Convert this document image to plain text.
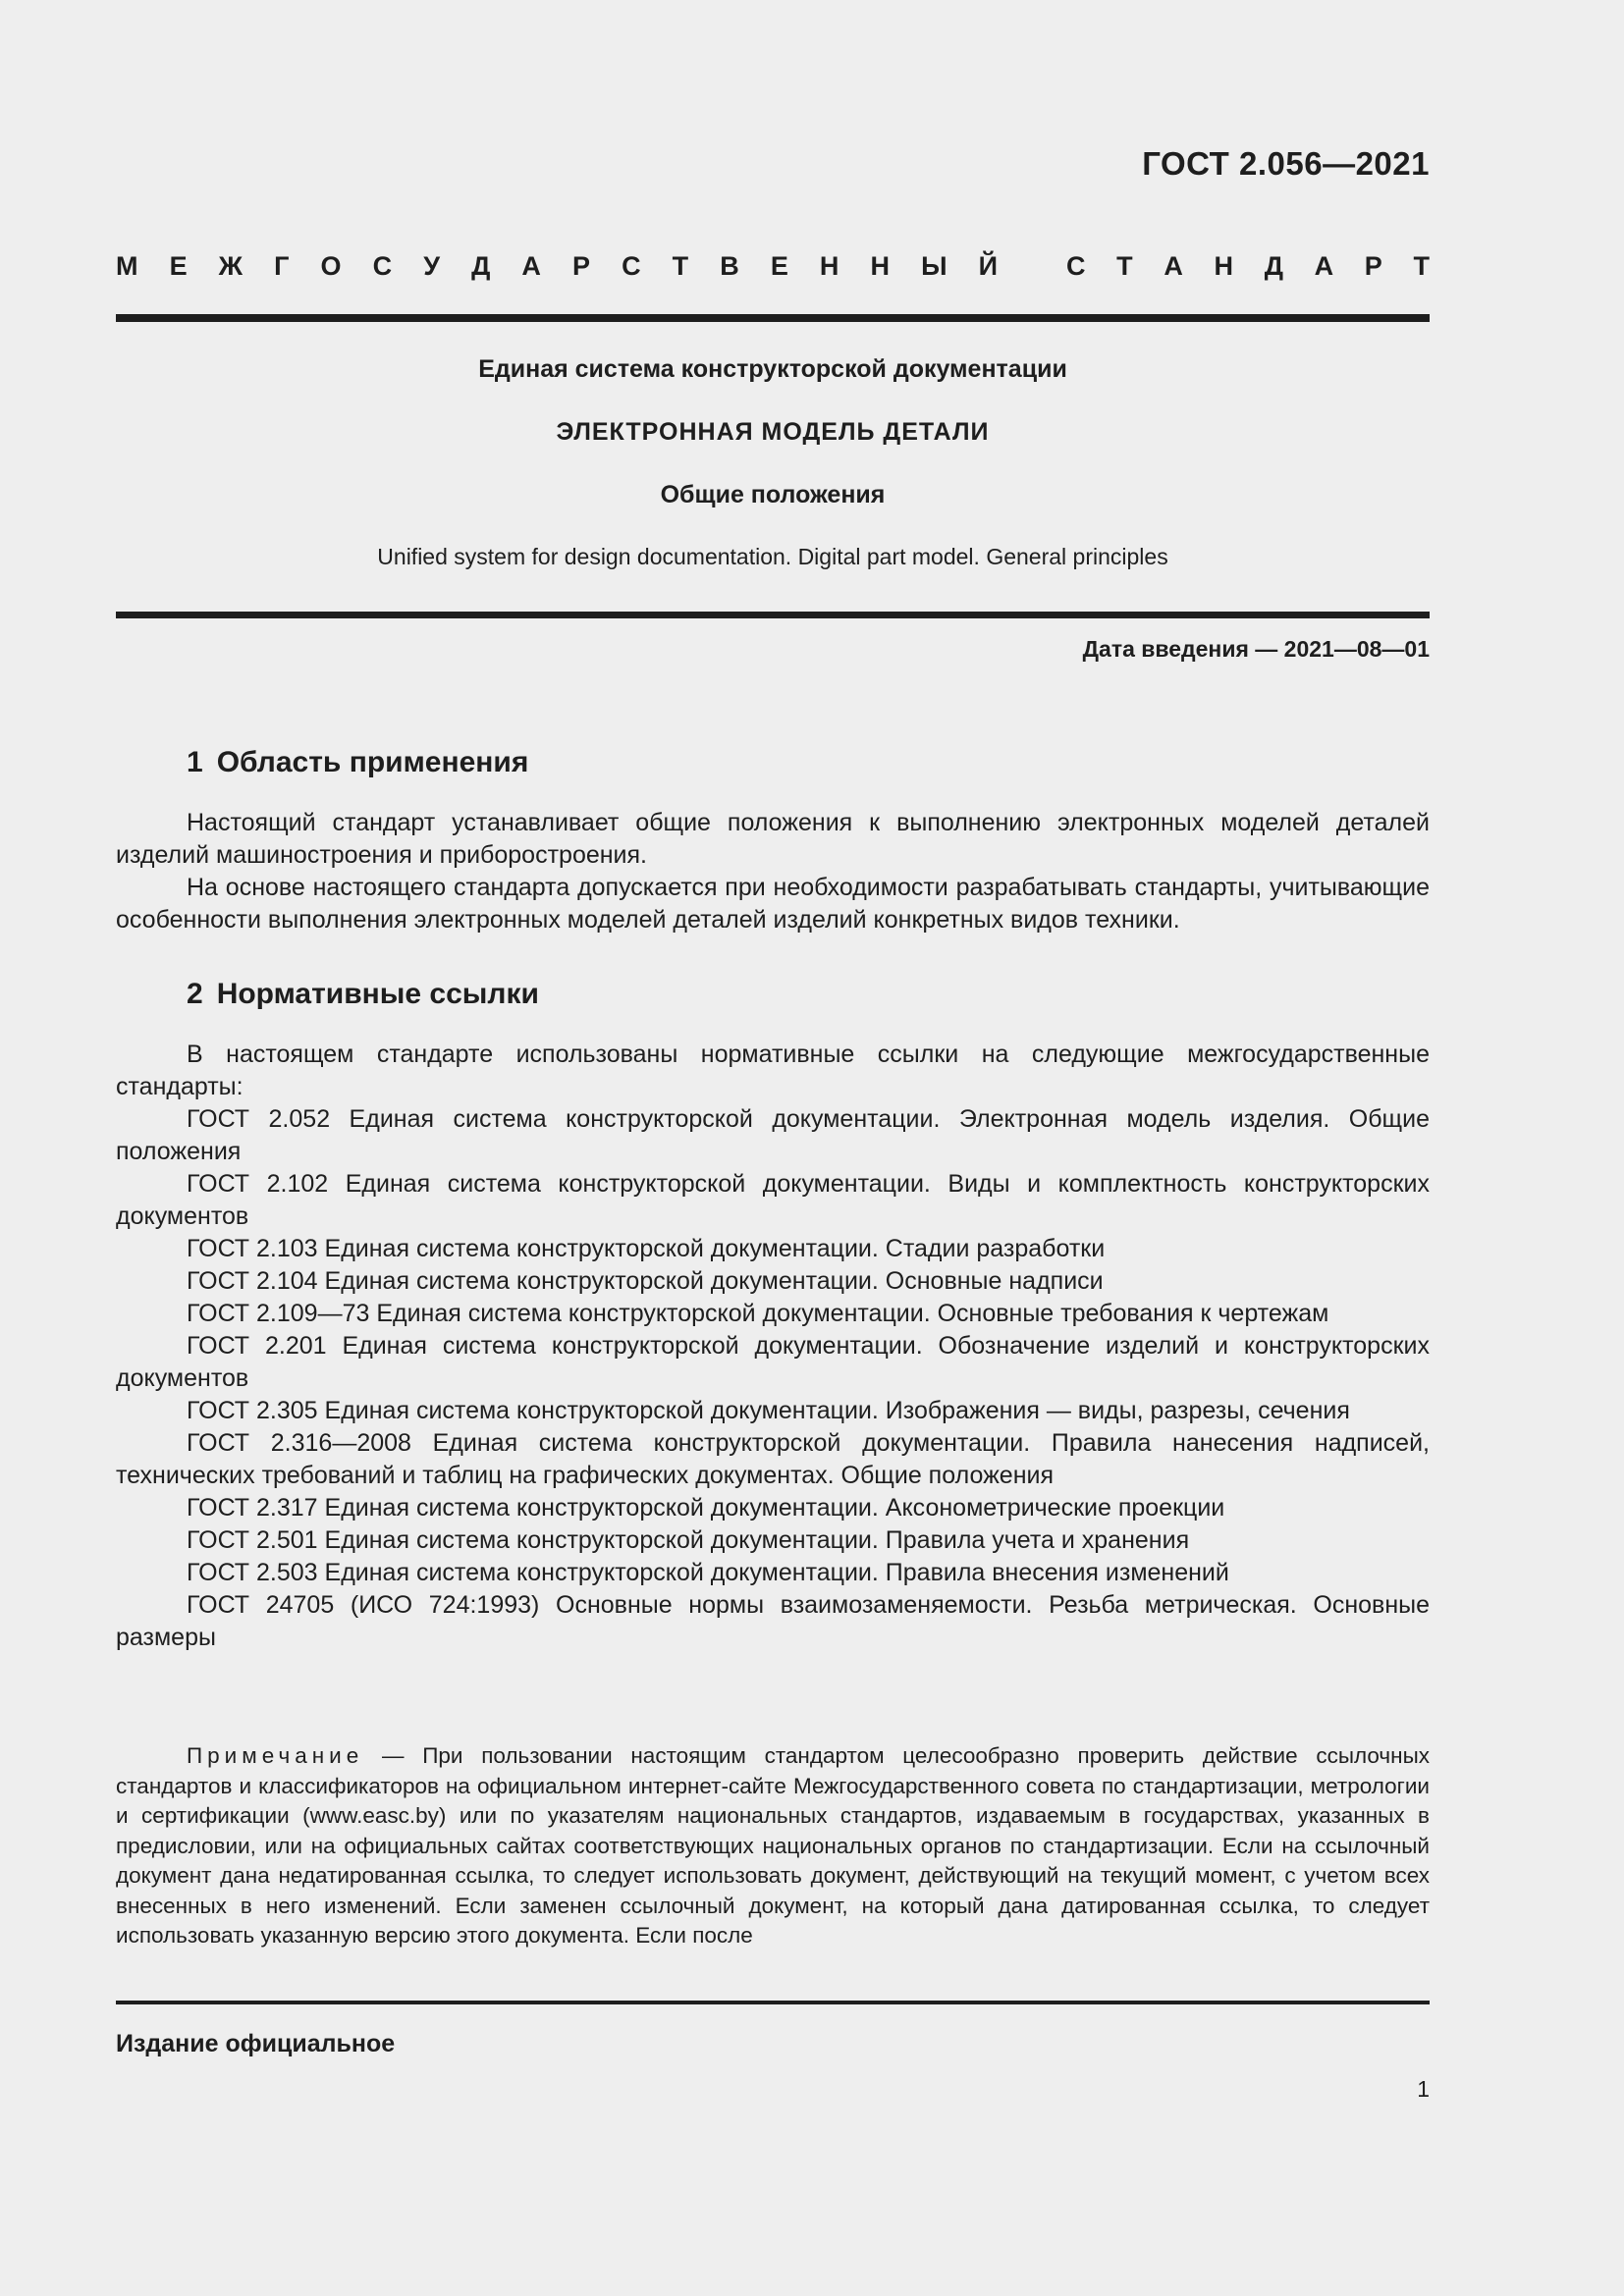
ГОСТ 2.056—2021
М Е Ж Г О С У Д А Р С Т В Е Н Н Ы Й	С Т А Н Д А Р Т
Единая система конструкторской документации
ЭЛЕКТРОННАЯ МОДЕЛЬ ДЕТАЛИ
Общие положения
Unified system for design documentation. Digital part model. General principles
Дата введения — 2021—08—01
1 Область применения

Настоящий стандарт устанавливает общие положения к выполнению электронных моделей деталей изделий машиностроения и приборостроения.

На основе настоящего стандарта допускается при необходимости разрабатывать стандарты, учитывающие особенности выполнения электронных моделей деталей изделий конкретных видов техники.

2 Нормативные ссылки

В настоящем стандарте использованы нормативные ссылки на следующие межгосударственные стандарты:

ГОСТ 2.052 Единая система конструкторской документации. Электронная модель изделия. Общие положения

ГОСТ 2.102 Единая система конструкторской документации. Виды и комплектность конструкторских документов

ГОСТ 2.103 Единая система конструкторской документации. Стадии разработки

ГОСТ 2.104 Единая система конструкторской документации. Основные надписи

ГОСТ 2.109—73 Единая система конструкторской документации. Основные требования к чертежам

ГОСТ 2.201 Единая система конструкторской документации. Обозначение изделий и конструкторских документов

ГОСТ 2.305 Единая система конструкторской документации. Изображения — виды, разрезы, сечения

ГОСТ 2.316—2008 Единая система конструкторской документации. Правила нанесения надписей, технических требований и таблиц на графических документах. Общие положения

ГОСТ 2.317 Единая система конструкторской документации. Аксонометрические проекции

ГОСТ 2.501 Единая система конструкторской документации. Правила учета и хранения

ГОСТ 2.503 Единая система конструкторской документации. Правила внесения изменений

ГОСТ 24705 (ИСО 724:1993) Основные нормы взаимозаменяемости. Резьба метрическая. Основные размеры

Примечание — При пользовании настоящим стандартом целесообразно проверить действие ссылочных стандартов и классификаторов на официальном интернет-сайте Межгосударственного совета по стандартизации, метрологии и сертификации (www.easc.by) или по указателям национальных стандартов, издаваемым в государствах, указанных в предисловии, или на официальных сайтах соответствующих национальных органов по стандартизации. Если на ссылочный документ дана недатированная ссылка, то следует использовать документ, действующий на текущий момент, с учетом всех внесенных в него изменений. Если заменен ссылочный документ, на который дана датированная ссылка, то следует использовать указанную версию этого документа. Если после
Издание официальное
1
